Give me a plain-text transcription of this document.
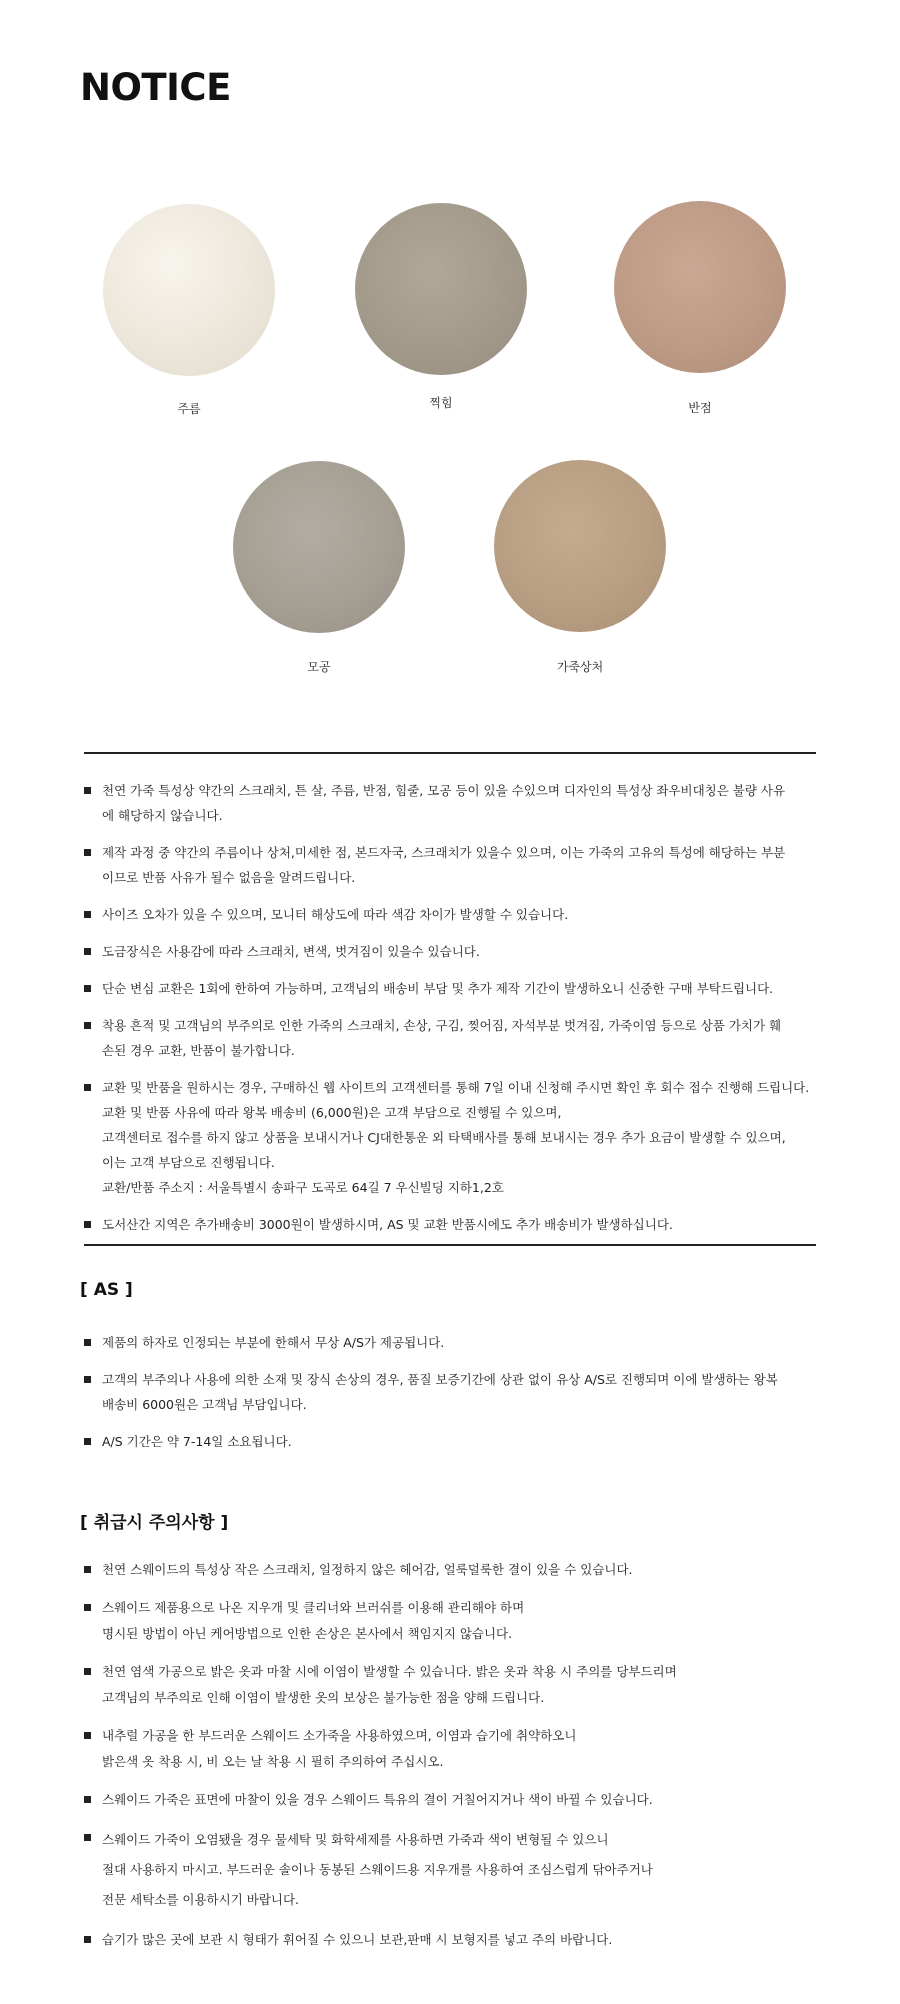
NOTICE
주름	찍힘	반점
모공	가죽상처
천연 가죽 특성상 약간의 스크래치, 튼 살, 주름, 반점, 힘줄, 모공 등이 있을 수있으며 디자인의 특성상 좌우비대칭은 불량 사유
에 해당하지 않습니다.
제작 과정 중 약간의 주름이나 상처,미세한 점, 본드자국, 스크래치가 있을수 있으며, 이는 가죽의 고유의 특성에 해당하는 부분
이므로 반품 사유가 될수 없음을 알려드립니다.
사이즈 오차가 있을 수 있으며, 모니터 해상도에 따라 색감 차이가 발생할 수 있습니다.
도금장식은 사용감에 따라 스크래치, 변색, 벗겨짐이 있을수 있습니다.
단순 변심 교환은 1회에 한하여 가능하며, 고객님의 배송비 부담 및 추가 제작 기간이 발생하오니 신중한 구매 부탁드립니다.
착용 흔적 및 고객님의 부주의로 인한 가죽의 스크래치, 손상, 구김, 찢어짐, 자석부분 벗겨짐, 가죽이염 등으로 상품 가치가 훼
손된 경우 교환, 반품이 불가합니다.
교환 및 반품을 원하시는 경우, 구매하신 웹 사이트의 고객센터를 통해 7일 이내 신청해 주시면 확인 후 회수 접수 진행해 드립니다.
교환 및 반품 사유에 따라 왕복 배송비 (6,000원)은 고객 부담으로 진행될 수 있으며,
고객센터로 접수를 하지 않고 상품을 보내시거나 CJ대한통운 외 타택배사를 통해 보내시는 경우 추가 요금이 발생할 수 있으며,
이는 고객 부담으로 진행됩니다.
교환/반품 주소지 : 서울특별시 송파구 도곡로 64길 7 우신빌딩 지하1,2호
도서산간 지역은 추가배송비 3000원이 발생하시며, AS 및 교환 반품시에도 추가 배송비가 발생하십니다.
[ AS ]
제품의 하자로 인정되는 부분에 한해서 무상 A/S가 제공됩니다.
고객의 부주의나 사용에 의한 소재 및 장식 손상의 경우, 품질 보증기간에 상관 없이 유상 A/S로 진행되며 이에 발생하는 왕복
배송비 6000원은 고객님 부담입니다.
A/S 기간은 약 7-14일 소요됩니다.
[ 취급시 주의사항 ]
천연 스웨이드의 특성상 작은 스크래치, 일정하지 않은 헤어감, 얼룩덜룩한 결이 있을 수 있습니다.
스웨이드 제품용으로 나온 지우개 및 클리너와 브러쉬를 이용해 관리해야 하며
명시된 방법이 아닌 케어방법으로 인한 손상은 본사에서 책임지지 않습니다.
천연 염색 가공으로 밝은 옷과 마찰 시에 이염이 발생할 수 있습니다. 밝은 옷과 착용 시 주의를 당부드리며
고객님의 부주의로 인해 이염이 발생한 옷의 보상은 불가능한 점을 양해 드립니다.
내추럴 가공을 한 부드러운 스웨이드 소가죽을 사용하였으며, 이염과 습기에 취약하오니
밝은색 옷 착용 시, 비 오는 날 착용 시 필히 주의하여 주십시오.
스웨이드 가죽은 표면에 마찰이 있을 경우 스웨이드 특유의 결이 거칠어지거나 색이 바뀔 수 있습니다.
스웨이드 가죽이 오염됐을 경우 물세탁 및 화학세제를 사용하면 가죽과 색이 변형될 수 있으니
절대 사용하지 마시고. 부드러운 솔이나 동봉된 스웨이드용 지우개를 사용하여 조심스럽게 닦아주거나
전문 세탁소를 이용하시기 바랍니다.
습기가 많은 곳에 보관 시 형태가 휘어질 수 있으니 보관,판매 시 보형지를 넣고 주의 바랍니다.
